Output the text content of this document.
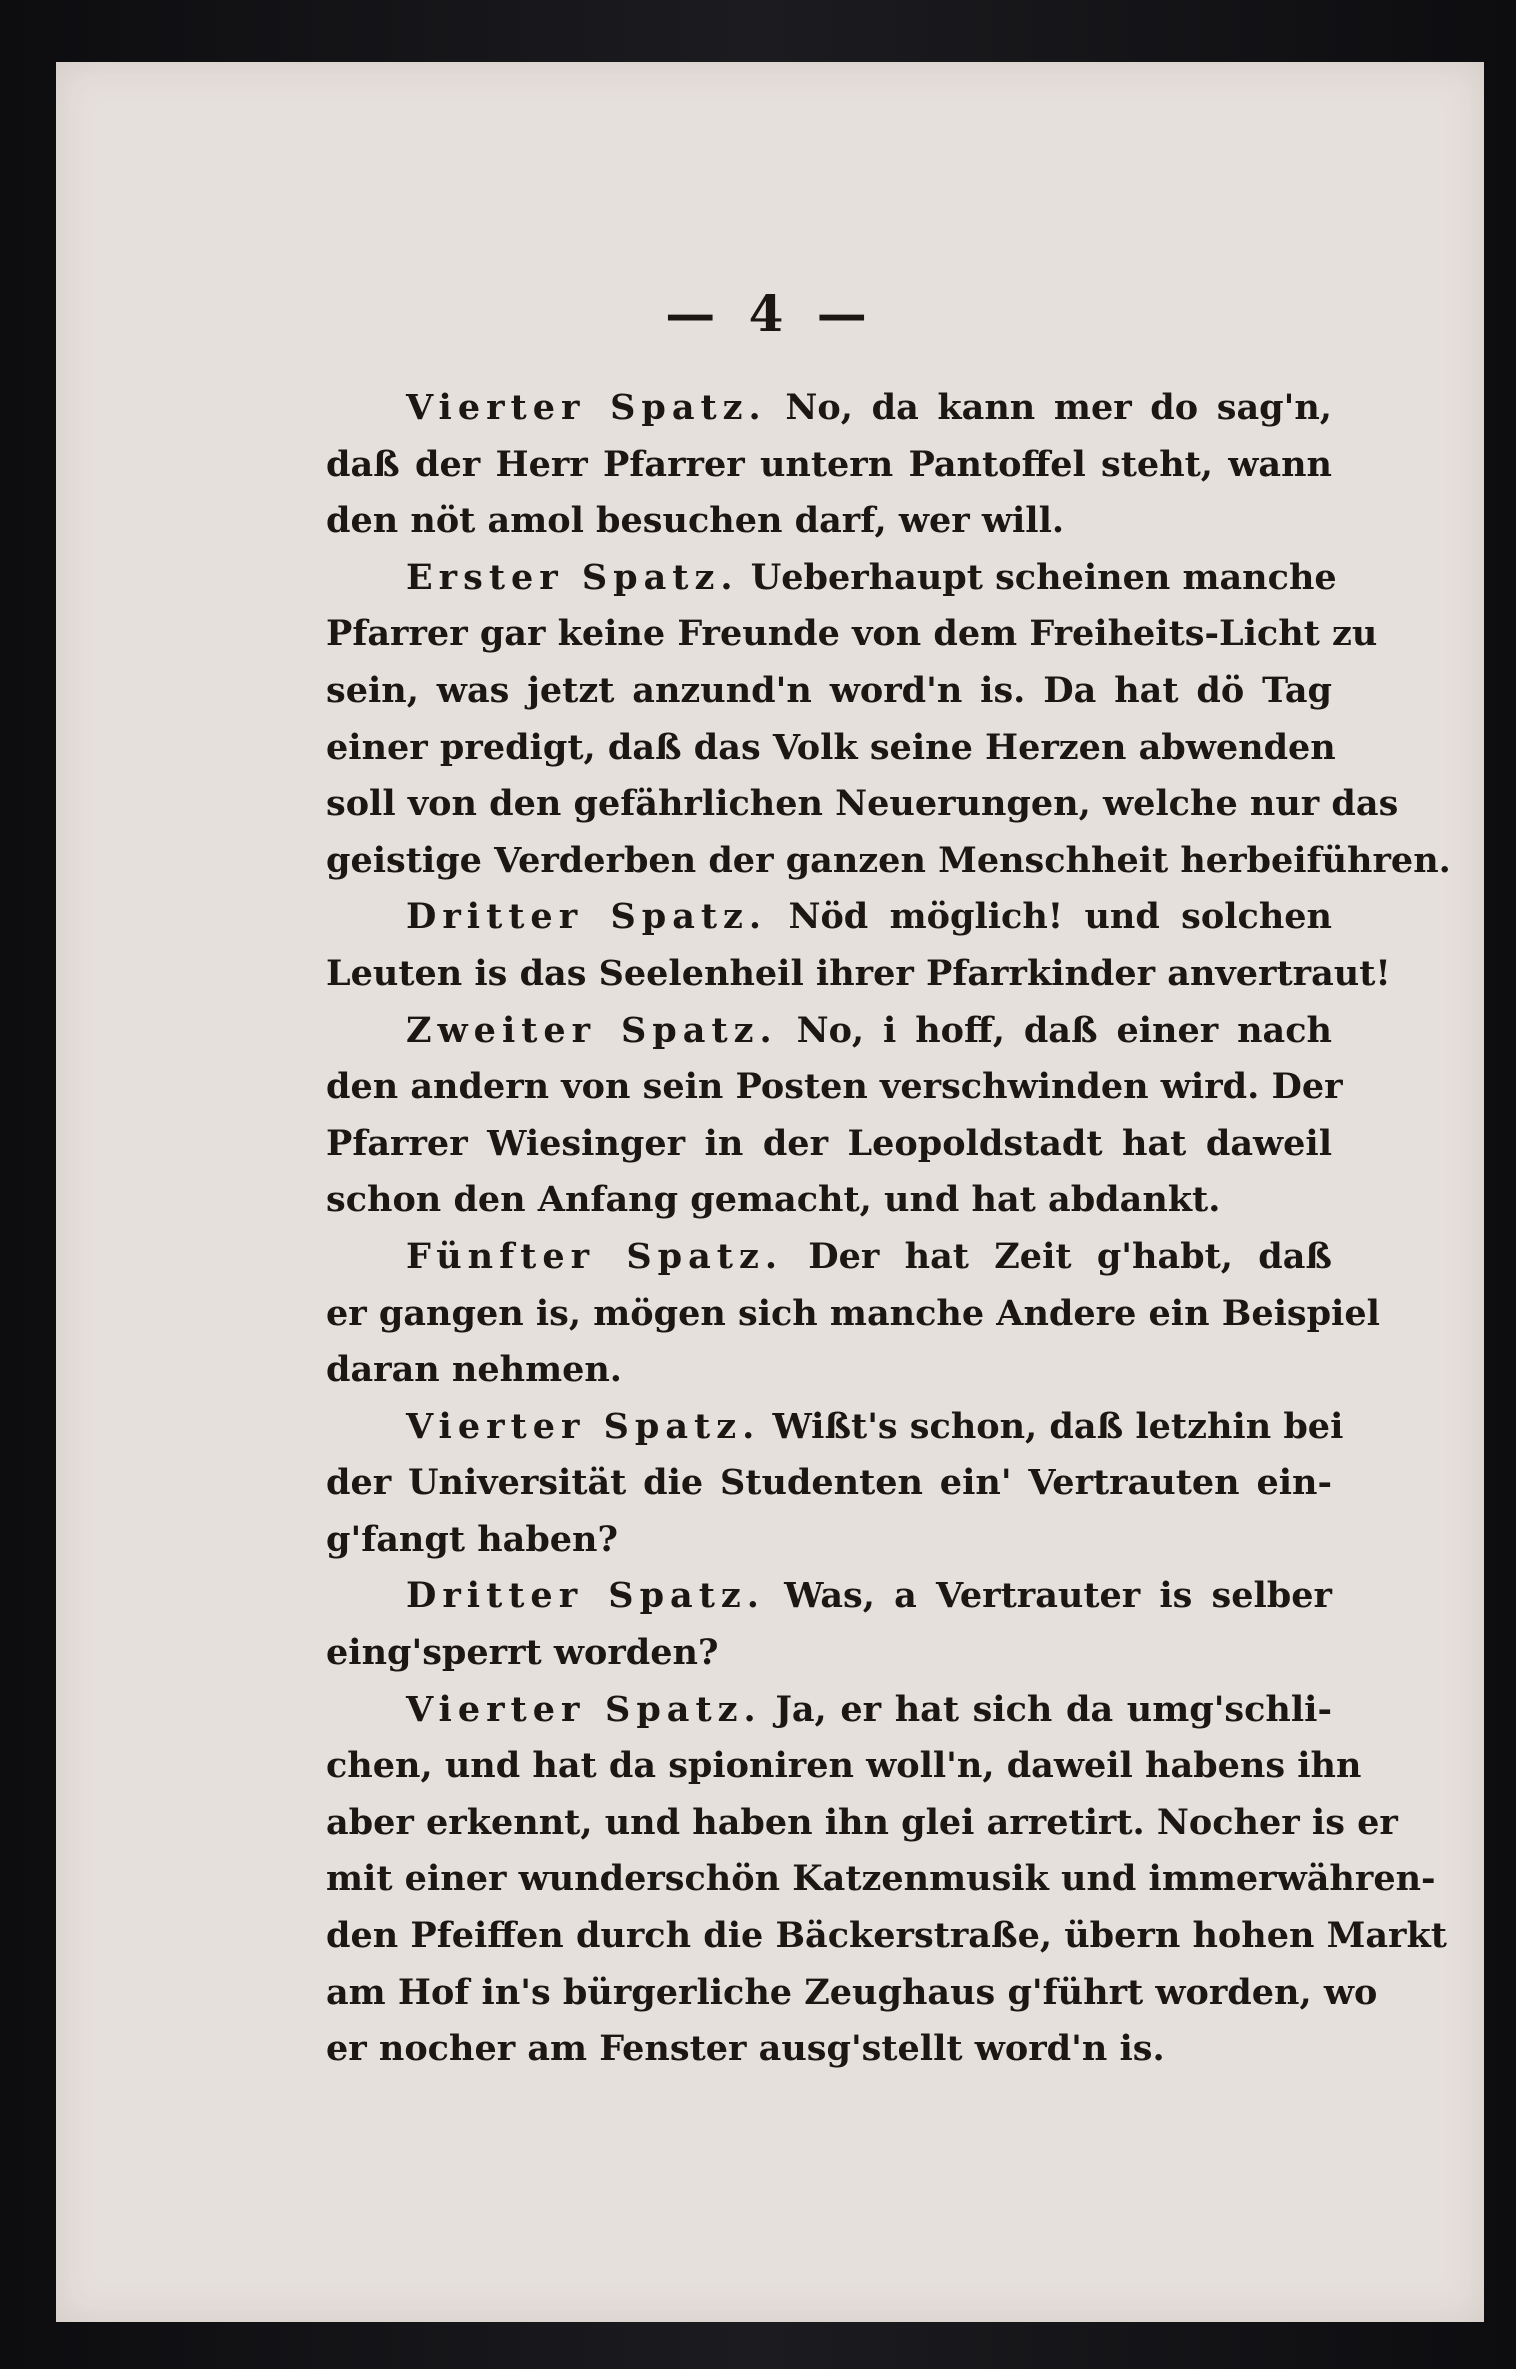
— 4 —
Vierter Spatz. No, da kann mer do sag'n,
daß der Herr Pfarrer untern Pantoffel steht, wann
den nöt amol besuchen darf, wer will.
Erster Spatz. Ueberhaupt scheinen manche
Pfarrer gar keine Freunde von dem Freiheits-Licht zu
sein, was jetzt anzund'n word'n is. Da hat dö Tag
einer predigt, daß das Volk seine Herzen abwenden
soll von den gefährlichen Neuerungen, welche nur das
geistige Verderben der ganzen Menschheit herbeiführen.
Dritter Spatz. Nöd möglich! und solchen
Leuten is das Seelenheil ihrer Pfarrkinder anvertraut!
Zweiter Spatz. No, i hoff, daß einer nach
den andern von sein Posten verschwinden wird. Der
Pfarrer Wiesinger in der Leopoldstadt hat daweil
schon den Anfang gemacht, und hat abdankt.
Fünfter Spatz. Der hat Zeit g'habt, daß
er gangen is, mögen sich manche Andere ein Beispiel
daran nehmen.
Vierter Spatz. Wißt's schon, daß letzhin bei
der Universität die Studenten ein' Vertrauten ein-
g'fangt haben?
Dritter Spatz. Was, a Vertrauter is selber
eing'sperrt worden?
Vierter Spatz. Ja, er hat sich da umg'schli-
chen, und hat da spioniren woll'n, daweil habens ihn
aber erkennt, und haben ihn glei arretirt. Nocher is er
mit einer wunderschön Katzenmusik und immerwähren-
den Pfeiffen durch die Bäckerstraße, übern hohen Markt
am Hof in's bürgerliche Zeughaus g'führt worden, wo
er nocher am Fenster ausg'stellt word'n is.
